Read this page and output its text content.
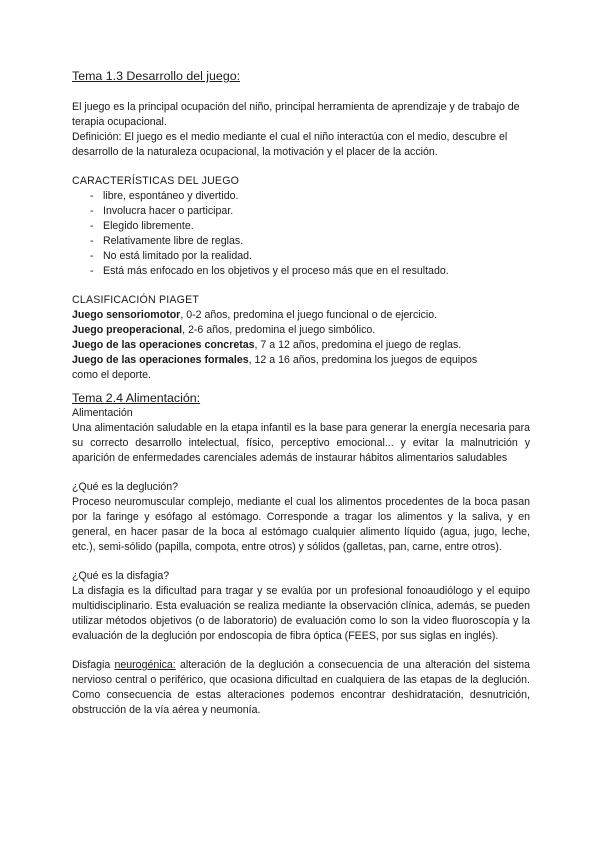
Tema 1.3 Desarrollo del juego:

El juego es la principal ocupación del niño, principal herramienta de aprendizaje y de trabajo de terapia ocupacional.

Definición: El juego es el medio mediante el cual el niño interactúa con el medio, descubre el desarrollo de la naturaleza ocupacional, la motivación y el placer de la acción.

CARACTERÍSTICAS DEL JUEGO

- libre, espontáneo y divertido.
- Involucra hacer o participar.
- Elegido libremente.
- Relativamente libre de reglas.
- No está limitado por la realidad.
- Está más enfocado en los objetivos y el proceso más que en el resultado.

CLASIFICACIÓN PIAGET

Juego sensoriomotor, 0-2 años, predomina el juego funcional o de ejercicio.

Juego preoperacional, 2-6 años, predomina el juego simbólico.

Juego de las operaciones concretas, 7 a 12 años, predomina el juego de reglas.

Juego de las operaciones formales, 12 a 16 años, predomina los juegos de equipos

como el deporte.

Tema 2.4 Alimentación:

Alimentación

Una alimentación saludable en la etapa infantil es la base para generar la energía necesaria para su correcto desarrollo intelectual, físico, perceptivo emocional... y evitar la malnutrición y aparición de enfermedades carenciales además de instaurar hábitos alimentarios saludables

¿Qué es la deglución?

Proceso neuromuscular complejo, mediante el cual los alimentos procedentes de la boca pasan por la faringe y esófago al estómago. Corresponde a tragar los alimentos y la saliva, y en general, en hacer pasar de la boca al estómago cualquier alimento líquido (agua, jugo, leche, etc.), semi-sólido (papilla, compota, entre otros) y sólidos (galletas, pan, carne, entre otros).

¿Qué es la disfagia?

La disfagia es la dificultad para tragar y se evalúa por un profesional fonoaudiólogo y el equipo multidisciplinario. Esta evaluación se realiza mediante la observación clínica, además, se pueden utilizar métodos objetivos (o de laboratorio) de evaluación como lo son la video fluoroscopía y la evaluación de la deglución por endoscopia de fibra óptica (FEES, por sus siglas en inglés).

Disfagia neurogénica: alteración de la deglución a consecuencia de una alteración del sistema nervioso central o periférico, que ocasiona dificultad en cualquiera de las etapas de la deglución. Como consecuencia de estas alteraciones podemos encontrar deshidratación, desnutrición, obstrucción de la vía aérea y neumonía.
